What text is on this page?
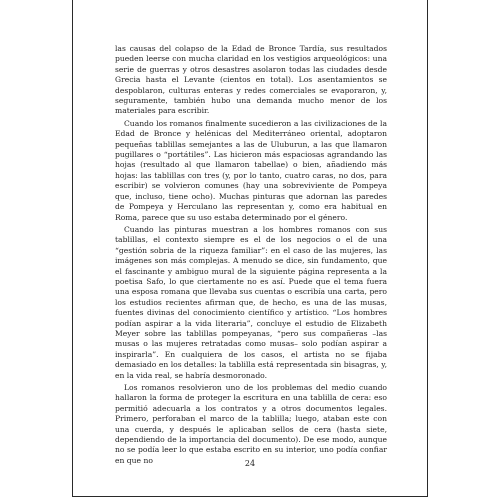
las causas del colapso de la Edad de Bronce Tardía, sus resultados pueden leerse con mucha claridad en los vestigios arqueológicos: una serie de guerras y otros desastres asolaron todas las ciudades desde Grecia hasta el Levante (cientos en total). Los asentamientos se despoblaron, culturas enteras y redes comerciales se evaporaron, y, seguramente, también hubo una demanda mucho menor de los materiales para escribir.

Cuando los romanos finalmente sucedieron a las civilizaciones de la Edad de Bronce y helénicas del Mediterráneo oriental, adoptaron pequeñas tablillas semejantes a las de Uluburun, a las que llamaron pugillares o “portátiles”. Las hicieron más espaciosas agrandando las hojas (resultado al que llamaron tabellae) o bien, añadiendo más hojas: las tablillas con tres (y, por lo tanto, cuatro caras, no dos, para escribir) se volvieron comunes (hay una sobreviviente de Pompeya que, incluso, tiene ocho). Muchas pinturas que adornan las paredes de Pompeya y Herculano las representan y, como era habitual en Roma, parece que su uso estaba determinado por el género.

Cuando las pinturas muestran a los hombres romanos con sus tablillas, el contexto siempre es el de los negocios o el de una “gestión sobria de la riqueza familiar”: en el caso de las mujeres, las imágenes son más complejas. A menudo se dice, sin fundamento, que el fascinante y ambiguo mural de la siguiente página representa a la poetisa Safo, lo que ciertamente no es así. Puede que el tema fuera una esposa romana que llevaba sus cuentas o escribía una carta, pero los estudios recientes afirman que, de hecho, es una de las musas, fuentes divinas del conocimiento científico y artístico. “Los hombres podían aspirar a la vida literaria”, concluye el estudio de Elizabeth Meyer sobre las tablillas pompeyanas, “pero sus compañeras –las musas o las mujeres retratadas como musas– solo podían aspirar a inspirarla”. En cualquiera de los casos, el artista no se fijaba demasiado en los detalles: la tablilla está representada sin bisagras, y, en la vida real, se habría desmoronado.

Los romanos resolvieron uno de los problemas del medio cuando hallaron la forma de proteger la escritura en una tablilla de cera: eso permitió adecuarla a los contratos y a otros documentos legales. Primero, perforaban el marco de la tablilla; luego, ataban este con una cuerda, y después le aplicaban sellos de cera (hasta siete, dependiendo de la importancia del documento). De ese modo, aunque no se podía leer lo que estaba escrito en su interior, uno podía confiar en que no	24
